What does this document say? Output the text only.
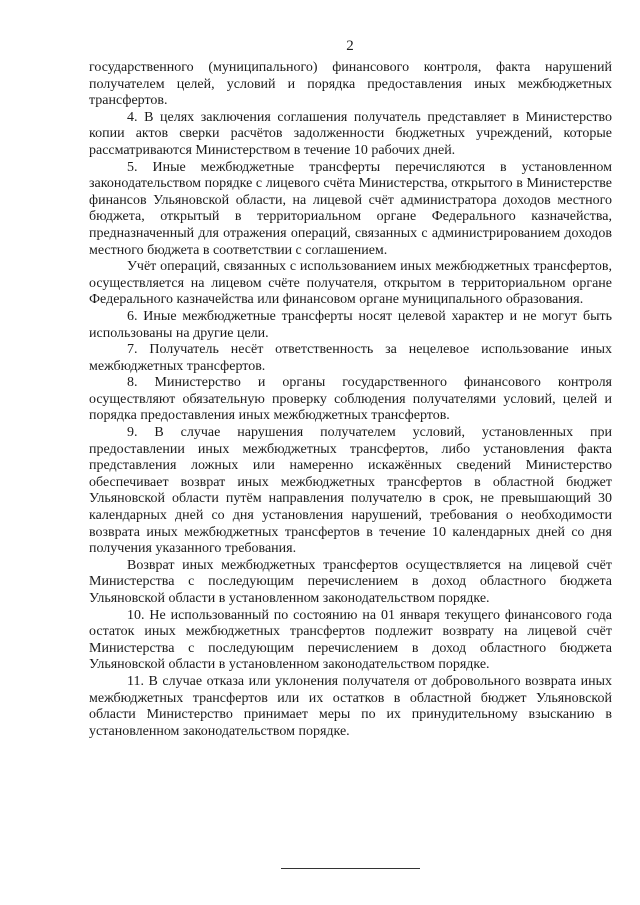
2

государственного (муниципального) финансового контроля, факта нарушений получателем целей, условий и порядка предоставления иных межбюджетных трансфертов.

4. В целях заключения соглашения получатель представляет в Министерство копии актов сверки расчётов задолженности бюджетных учреждений, которые рассматриваются Министерством в течение 10 рабочих дней.

5. Иные межбюджетные трансферты перечисляются в установленном законодательством порядке с лицевого счёта Министерства, открытого в Министерстве финансов Ульяновской области, на лицевой счёт администратора доходов местного бюджета, открытый в территориальном органе Федерального казначейства, предназначенный для отражения операций, связанных с администрированием доходов местного бюджета в соответствии с соглашением.

Учёт операций, связанных с использованием иных межбюджетных трансфертов, осуществляется на лицевом счёте получателя, открытом в территориальном органе Федерального казначейства или финансовом органе муниципального образования.

6. Иные межбюджетные трансферты носят целевой характер и не могут быть использованы на другие цели.

7. Получатель несёт ответственность за нецелевое использование иных межбюджетных трансфертов.

8. Министерство и органы государственного финансового контроля осуществляют обязательную проверку соблюдения получателями условий, целей и порядка предоставления иных межбюджетных трансфертов.

9. В случае нарушения получателем условий, установленных при предоставлении иных межбюджетных трансфертов, либо установления факта представления ложных или намеренно искажённых сведений Министерство обеспечивает возврат иных межбюджетных трансфертов в областной бюджет Ульяновской области путём направления получателю в срок, не превышающий 30 календарных дней со дня установления нарушений, требования о необходимости возврата иных межбюджетных трансфертов в течение 10 календарных дней со дня получения указанного требования.

Возврат иных межбюджетных трансфертов осуществляется на лицевой счёт Министерства с последующим перечислением в доход областного бюджета Ульяновской области в установленном законодательством порядке.

10. Не использованный по состоянию на 01 января текущего финансового года остаток иных межбюджетных трансфертов подлежит возврату на лицевой счёт Министерства с последующим перечислением в доход областного бюджета Ульяновской области в установленном законодательством порядке.

11. В случае отказа или уклонения получателя от добровольного возврата иных межбюджетных трансфертов или их остатков в областной бюджет Ульяновской области Министерство принимает меры по их принудительному взысканию в установленном законодательством порядке.
